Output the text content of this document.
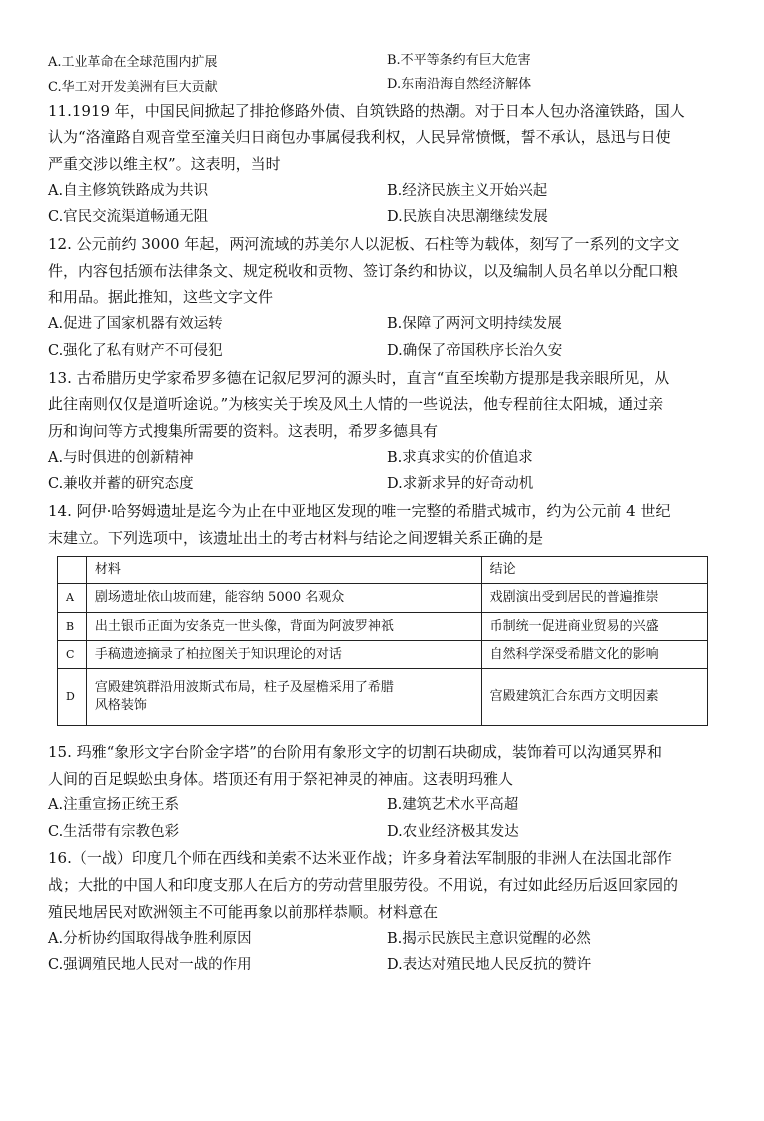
A.工业革命在全球范围内扩展	B.不平等条约有巨大危害
C.华工对开发美洲有巨大贡献	D.东南沿海自然经济解体
11.1919 年，中国民间掀起了排抢修路外债、自筑铁路的热潮。对于日本人包办洛潼铁路，国人
认为“洛潼路自观音堂至潼关归日商包办事属侵我利权，人民异常愤慨，誓不承认，恳迅与日使
严重交涉以维主权”。这表明，当时
A.自主修筑铁路成为共识	B.经济民族主义开始兴起
C.官民交流渠道畅通无阻	D.民族自决思潮继续发展
12. 公元前约 3000 年起，两河流域的苏美尔人以泥板、石柱等为载体，刻写了一系列的文字文
件，内容包括颁布法律条文、规定税收和贡物、签订条约和协议，以及编制人员名单以分配口粮
和用品。据此推知，这些文字文件
A.促进了国家机器有效运转	B.保障了两河文明持续发展
C.强化了私有财产不可侵犯	D.确保了帝国秩序长治久安
13. 古希腊历史学家希罗多德在记叙尼罗河的源头时，直言“直至埃勒方提那是我亲眼所见，从
此往南则仅仅是道听途说。”为核实关于埃及风土人情的一些说法，他专程前往太阳城，通过亲
历和询问等方式搜集所需要的资料。这表明，希罗多德具有
A.与时俱进的创新精神	B.求真求实的价值追求
C.兼收并蓄的研究态度	D.求新求异的好奇动机
14. 阿伊·哈努姆遗址是迄今为止在中亚地区发现的唯一完整的希腊式城市，约为公元前 4 世纪
末建立。下列选项中，该遗址出土的考古材料与结论之间逻辑关系正确的是
	材料	结论
A	剧场遗址依山坡而建，能容纳 5000 名观众	戏剧演出受到居民的普遍推崇
B	出土银币正面为安条克一世头像，背面为阿波罗神祇	币制统一促进商业贸易的兴盛
C	手稿遗迹摘录了柏拉图关于知识理论的对话	自然科学深受希腊文化的影响
D	宫殿建筑群沿用波斯式布局，柱子及屋檐采用了希腊
风格装饰	宫殿建筑汇合东西方文明因素
15. 玛雅“象形文字台阶金字塔”的台阶用有象形文字的切割石块砌成，装饰着可以沟通冥界和
人间的百足蜈蚣虫身体。塔顶还有用于祭祀神灵的神庙。这表明玛雅人
A.注重宣扬正统王系	B.建筑艺术水平高超
C.生活带有宗教色彩	D.农业经济极其发达
16.（一战）印度几个师在西线和美索不达米亚作战；许多身着法军制服的非洲人在法国北部作
战；大批的中国人和印度支那人在后方的劳动营里服劳役。不用说，有过如此经历后返回家园的
殖民地居民对欧洲领主不可能再象以前那样恭顺。材料意在
A.分析协约国取得战争胜利原因	B.揭示民族民主意识觉醒的必然
C.强调殖民地人民对一战的作用	D.表达对殖民地人民反抗的赞许
